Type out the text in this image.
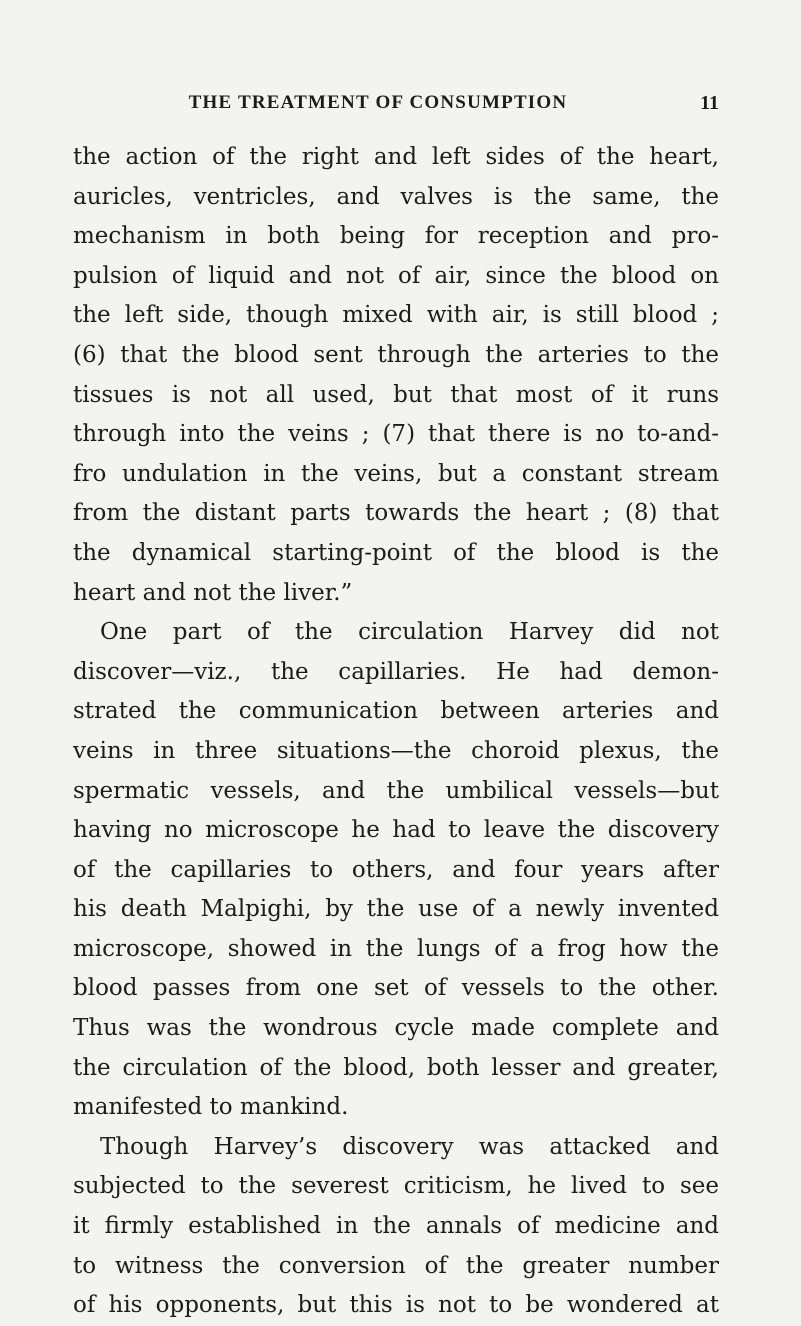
THE TREATMENT OF CONSUMPTION	11
the action of the right and left sides of the heart,
auricles, ventricles, and valves is the same, the
mechanism in both being for reception and pro-
pulsion of liquid and not of air, since the blood on
the left side, though mixed with air, is still blood ;
(6) that the blood sent through the arteries to the
tissues is not all used, but that most of it runs
through into the veins ; (7) that there is no to-and-
fro undulation in the veins, but a constant stream
from the distant parts towards the heart ; (8) that
the dynamical starting-point of the blood is the
heart and not the liver.”
One part of the circulation Harvey did not
discover—viz., the capillaries. He had demon-
strated the communication between arteries and
veins in three situations—the choroid plexus, the
spermatic vessels, and the umbilical vessels—but
having no microscope he had to leave the discovery
of the capillaries to others, and four years after
his death Malpighi, by the use of a newly invented
microscope, showed in the lungs of a frog how the
blood passes from one set of vessels to the other.
Thus was the wondrous cycle made complete and
the circulation of the blood, both lesser and greater,
manifested to mankind.
Though Harvey’s discovery was attacked and
subjected to the severest criticism, he lived to see
it firmly established in the annals of medicine and
to witness the conversion of the greater number
of his opponents, but this is not to be wondered at
